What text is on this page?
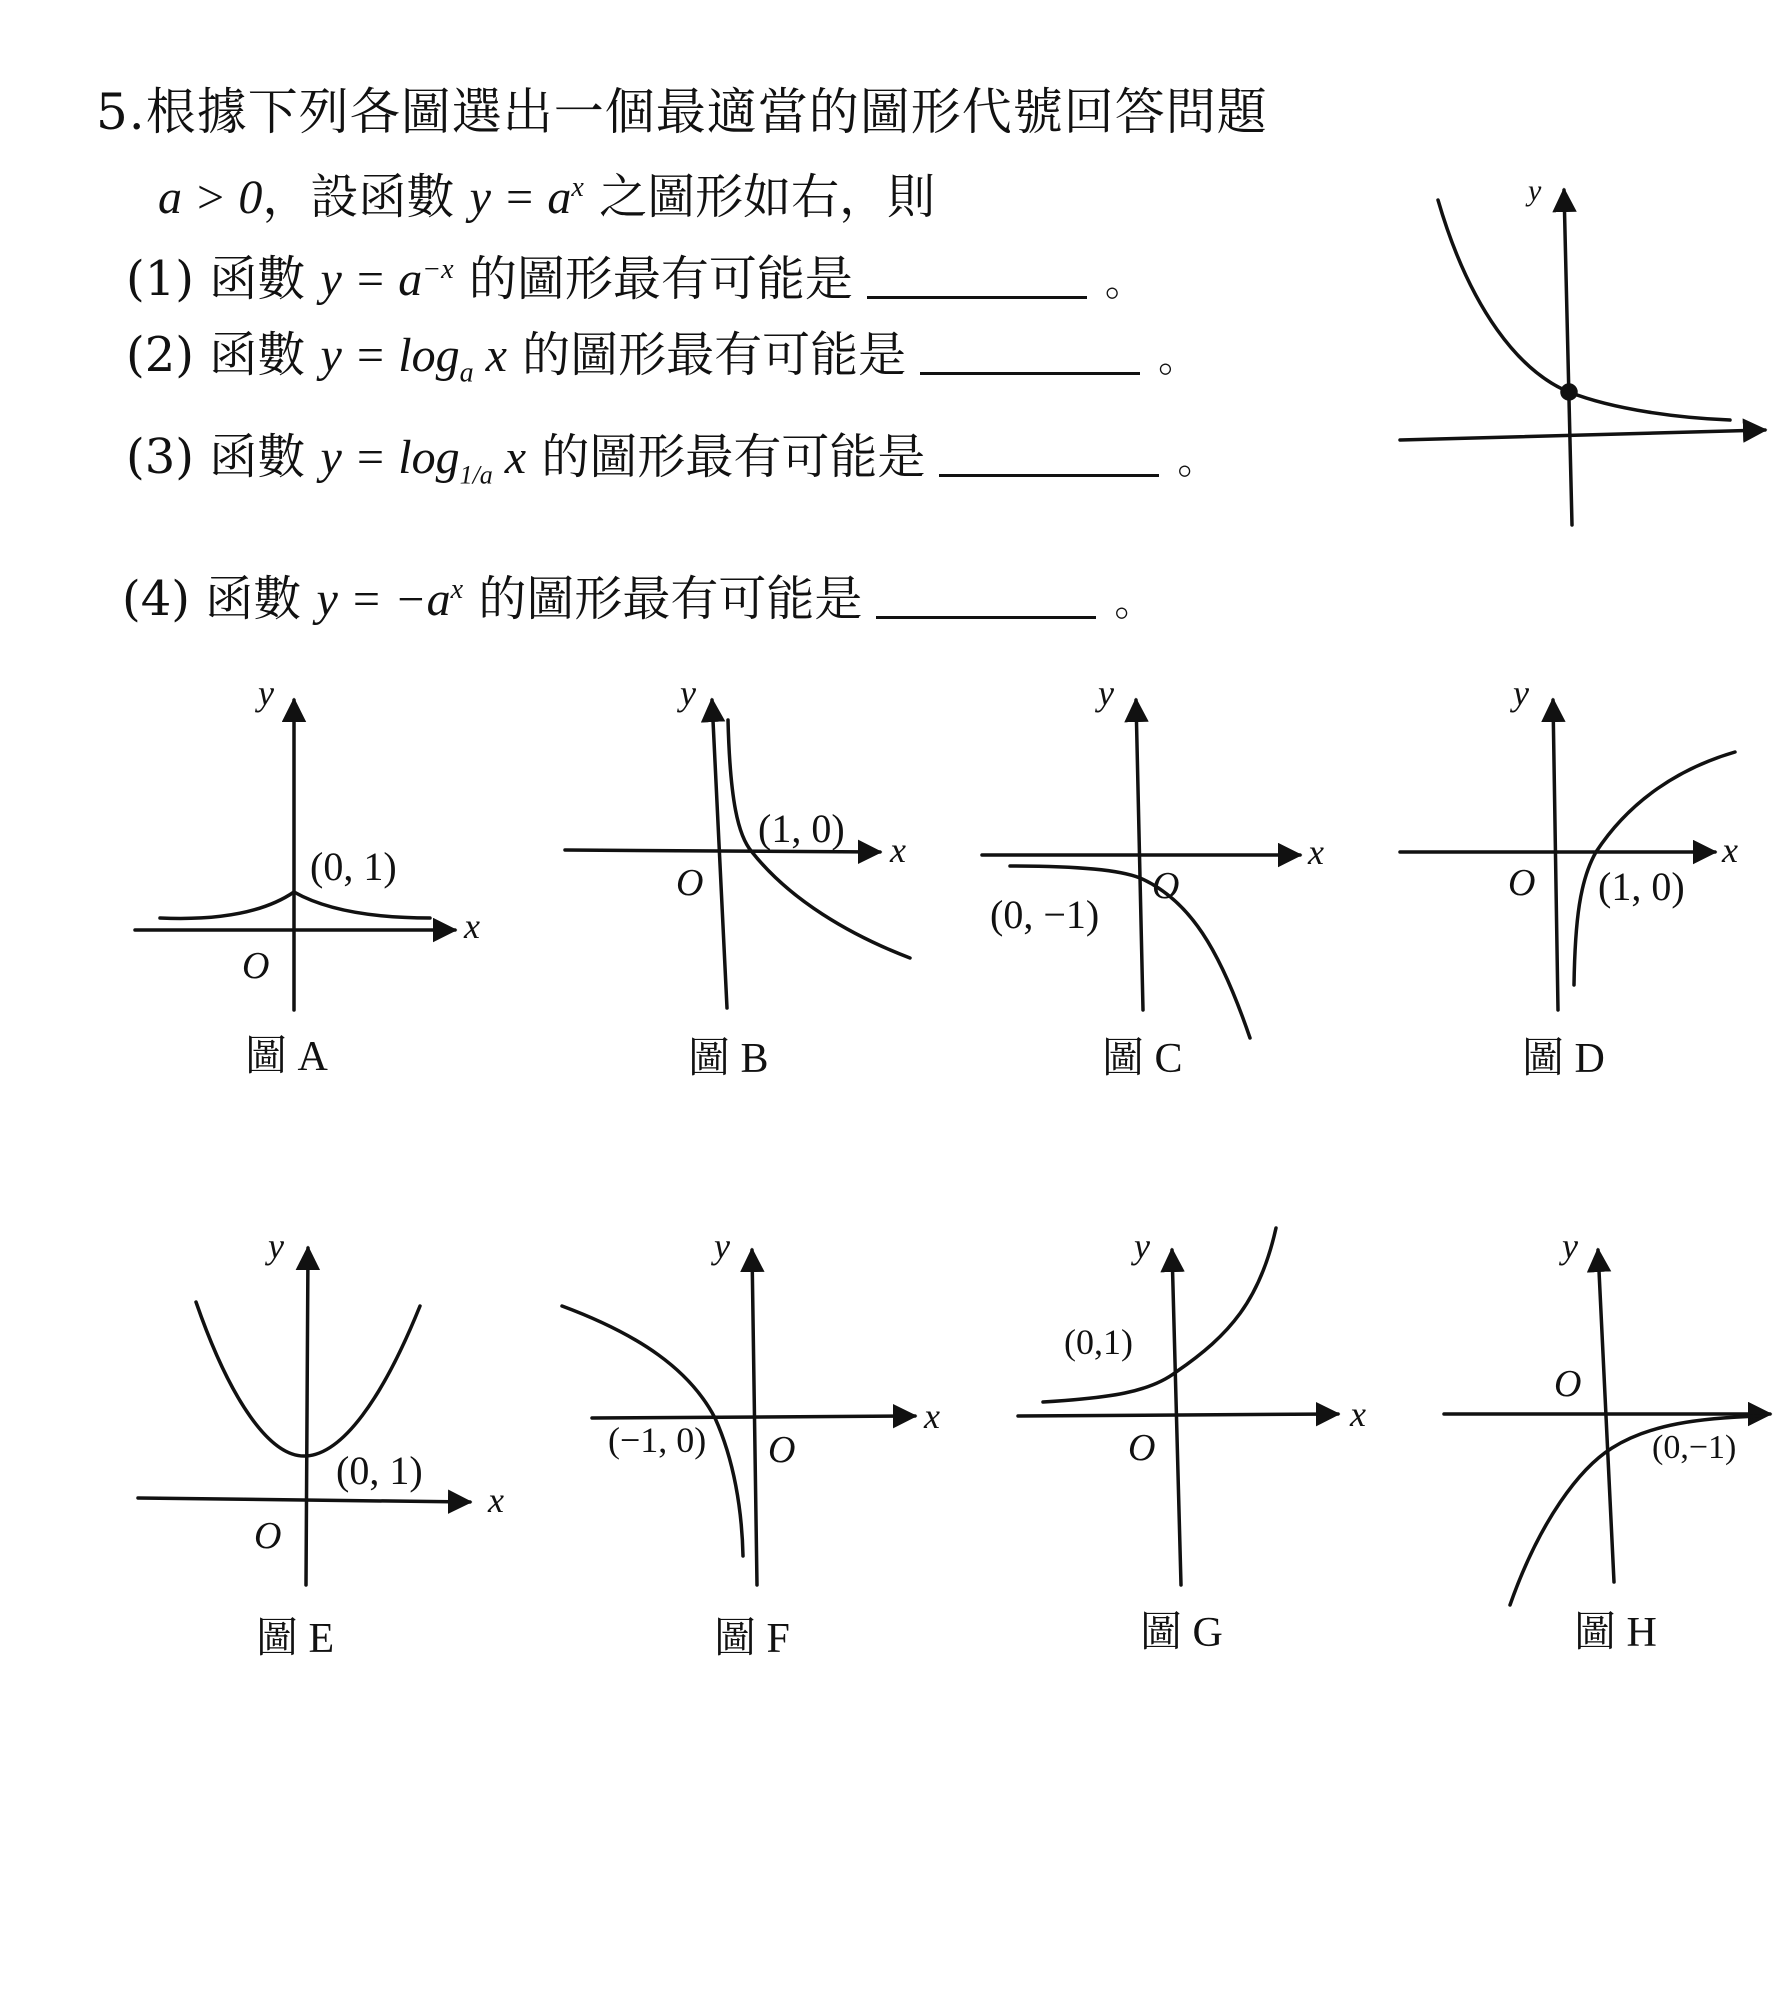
5.根據下列各圖選出一個最適當的圖形代號回答問題
a > 0，設函數 $y = a^x$ 之圖形如右，則
(1) 函數 $y = a^{-x}$ 的圖形最有可能是	。
(2) 函數 $y = \log_a x$ 的圖形最有可能是	。
(3) 函數 $y = \log_{1/a} x$ 的圖形最有可能是	。
(4) 函數 $y = -a^x$ 的圖形最有可能是	。
y
y
x
O
(0, 1)
圖 A
y
x
O
(1, 0)
圖 B
y
x
O
(0, −1)
圖 C
y
x
O (1, 0)
圖 D
y
x
O
(0, 1)
圖 E
y
x
O
(−1, 0)
圖 F
y
x
O
(0,1)
圖 G
y
O
(0,−1)
圖 H
